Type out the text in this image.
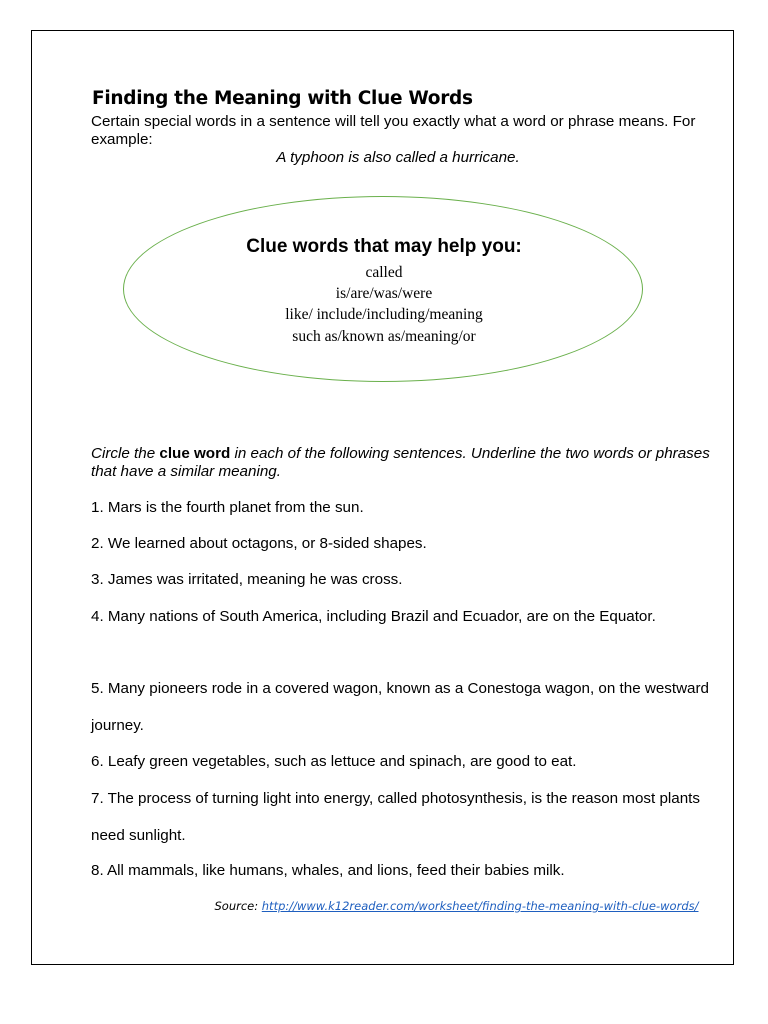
Finding the Meaning with Clue Words

Certain special words in a sentence will tell you exactly what a word or phrase means. For example:

A typhoon is also called a hurricane.

Clue words that may help you:
called
is/are/was/were
like/ include/including/meaning
such as/known as/meaning/or

Circle the clue word in each of the following sentences. Underline the two words or phrases that have a similar meaning.

1. Mars is the fourth planet from the sun.

2. We learned about octagons, or 8-sided shapes.

3. James was irritated, meaning he was cross.

4. Many nations of South America, including Brazil and Ecuador, are on the Equator.

5. Many pioneers rode in a covered wagon, known as a Conestoga wagon, on the westward journey.

6. Leafy green vegetables, such as lettuce and spinach, are good to eat.

7. The process of turning light into energy, called photosynthesis, is the reason most plants need sunlight.

8. All mammals, like humans, whales, and lions, feed their babies milk.

Source: http://www.k12reader.com/worksheet/finding-the-meaning-with-clue-words/
